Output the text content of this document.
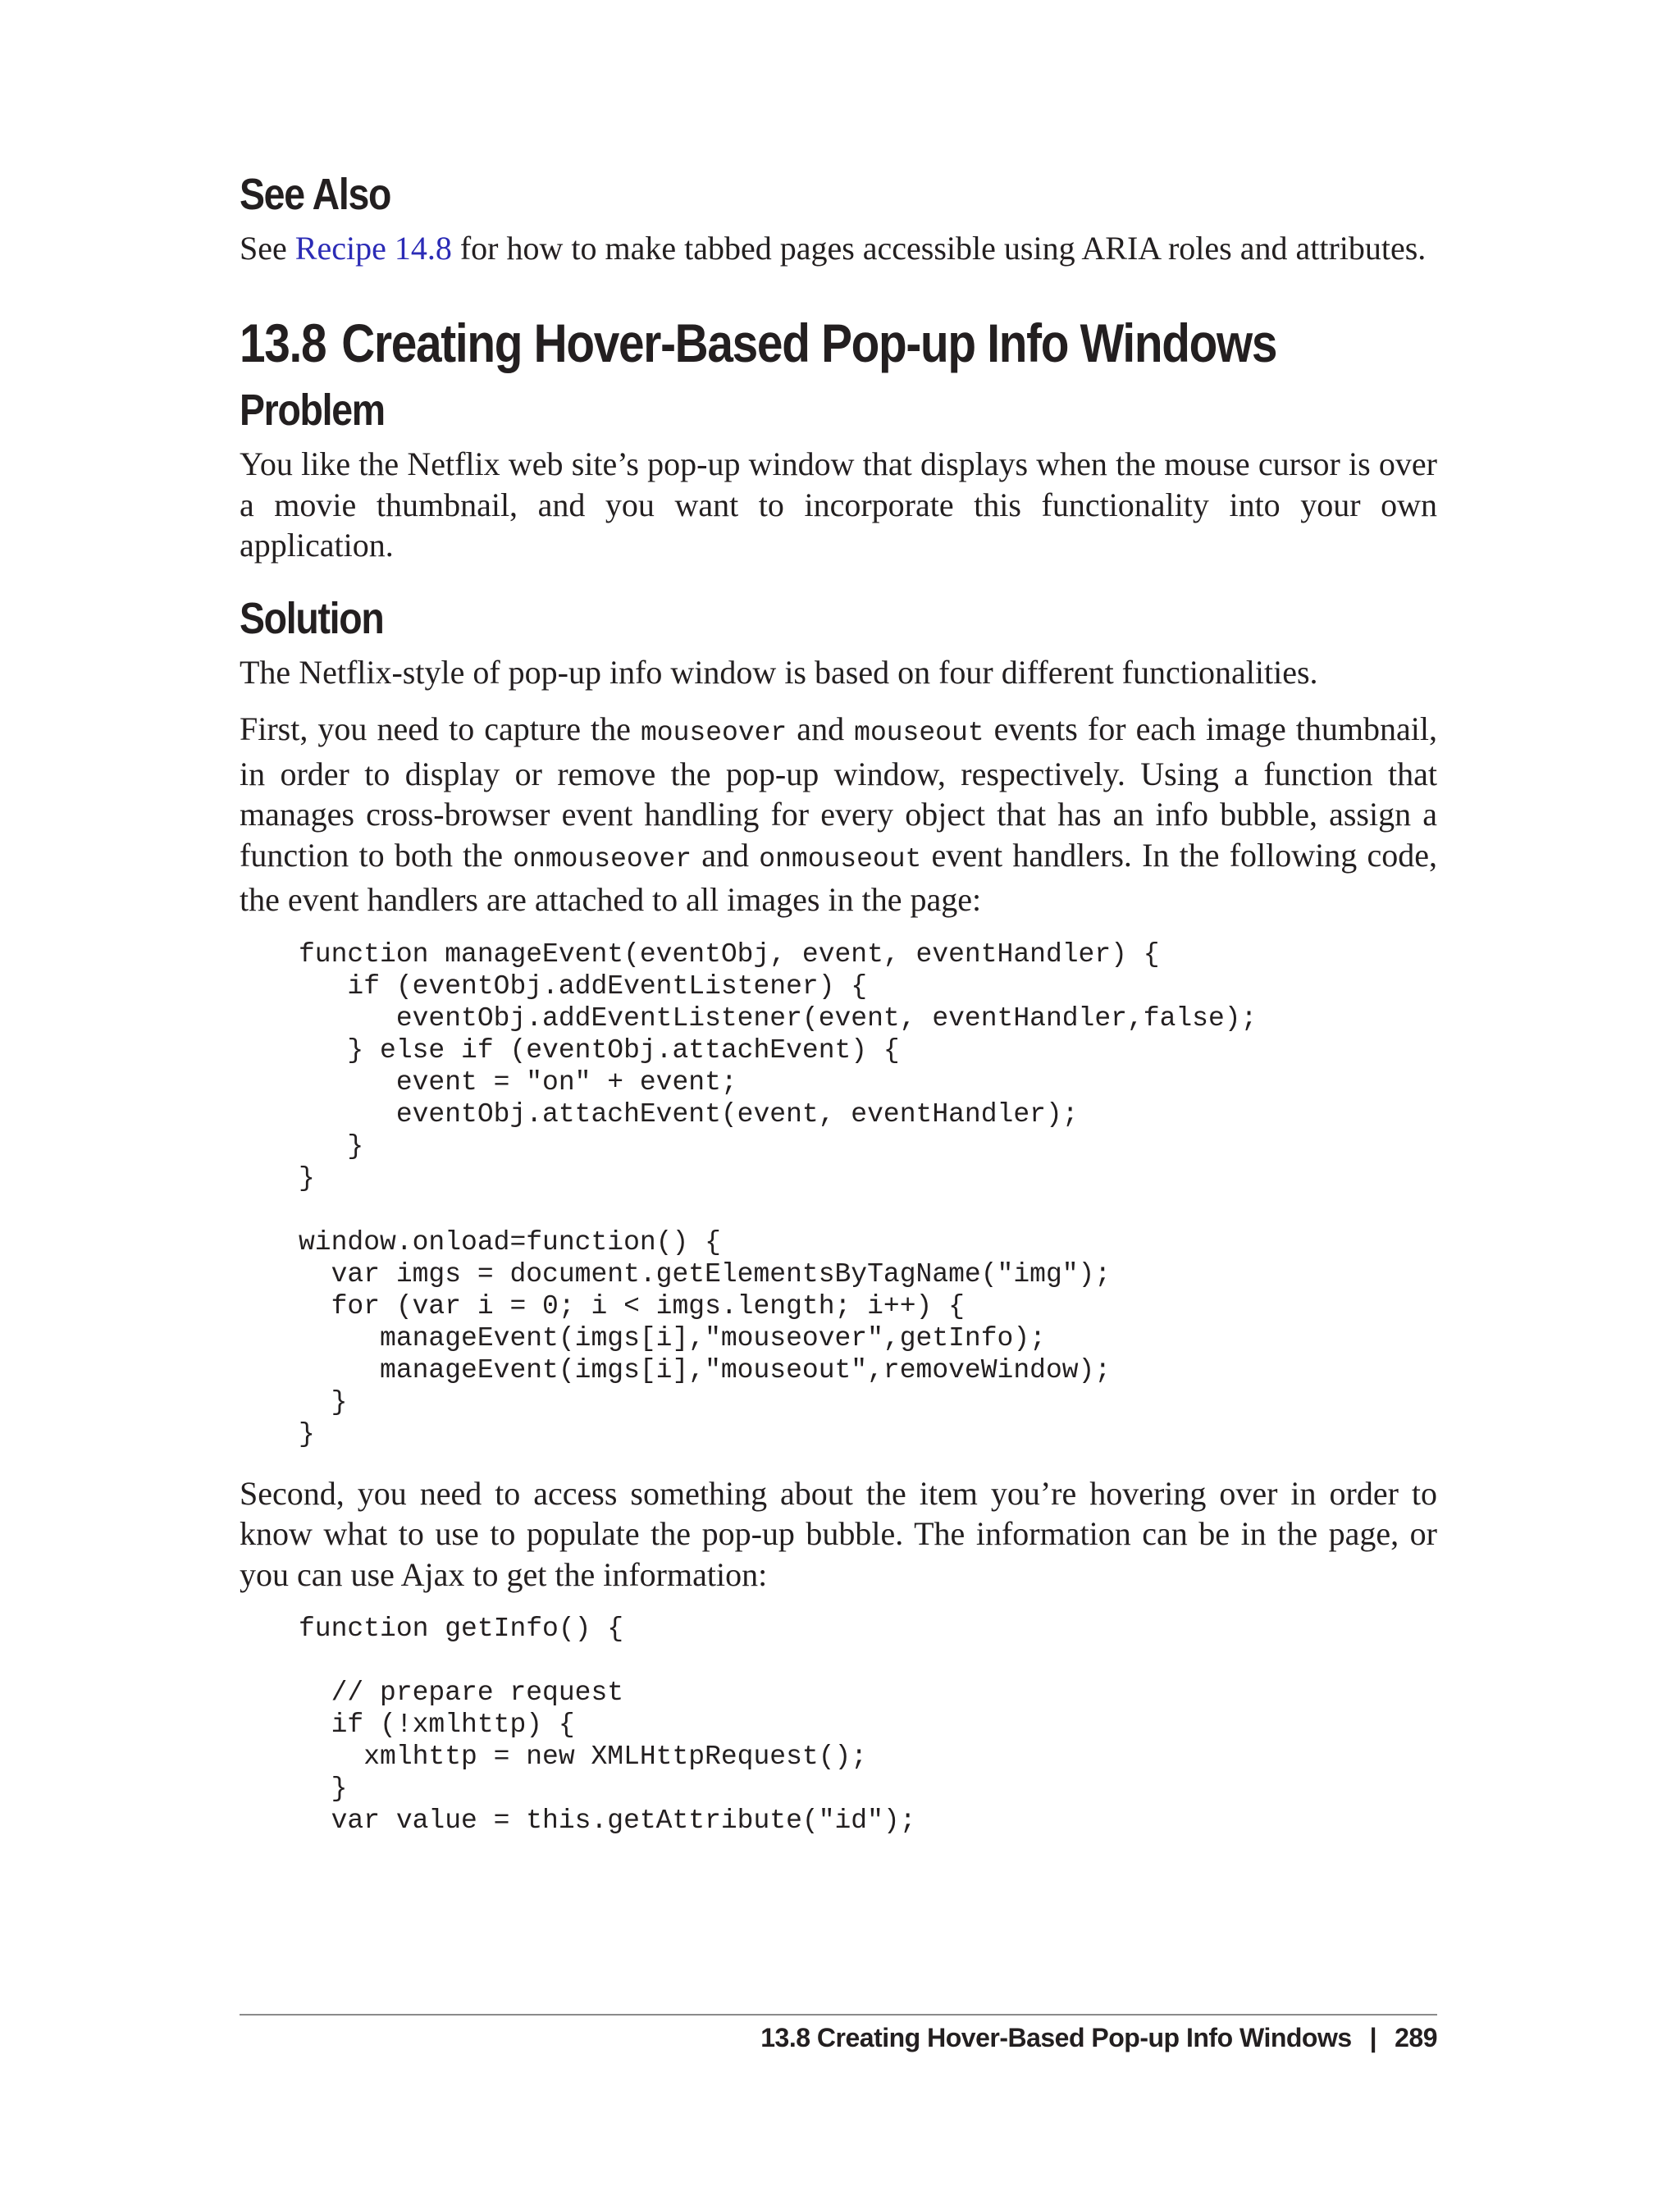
See Also

See Recipe 14.8 for how to make tabbed pages accessible using ARIA roles and attributes.

13.8 Creating Hover-Based Pop-up Info Windows
Problem

You like the Netflix web site’s pop-up window that displays when the mouse cursor is over a movie thumbnail, and you want to incorporate this functionality into your own application.

Solution

The Netflix-style of pop-up info window is based on four different functionalities.

First, you need to capture the mouseover and mouseout events for each image thumbnail, in order to display or remove the pop-up window, respectively. Using a function that manages cross-browser event handling for every object that has an info bubble, assign a function to both the onmouseover and onmouseout event handlers. In the following code, the event handlers are attached to all images in the page:

function manageEvent(eventObj, event, eventHandler) {
if (eventObj.addEventListener) {
eventObj.addEventListener(event, eventHandler,false);
} else if (eventObj.attachEvent) {
event = "on" + event;
eventObj.attachEvent(event, eventHandler);
}
}

window.onload=function() {
var imgs = document.getElementsByTagName("img");
for (var i = 0; i < imgs.length; i++) {
manageEvent(imgs[i],"mouseover",getInfo);
manageEvent(imgs[i],"mouseout",removeWindow);
}
}

Second, you need to access something about the item you’re hovering over in order to know what to use to populate the pop-up bubble. The information can be in the page, or you can use Ajax to get the information:

function getInfo() {

// prepare request
if (!xmlhttp) {
xmlhttp = new XMLHttpRequest();
}
var value = this.getAttribute("id");
13.8 Creating Hover-Based Pop-up Info Windows | 289
